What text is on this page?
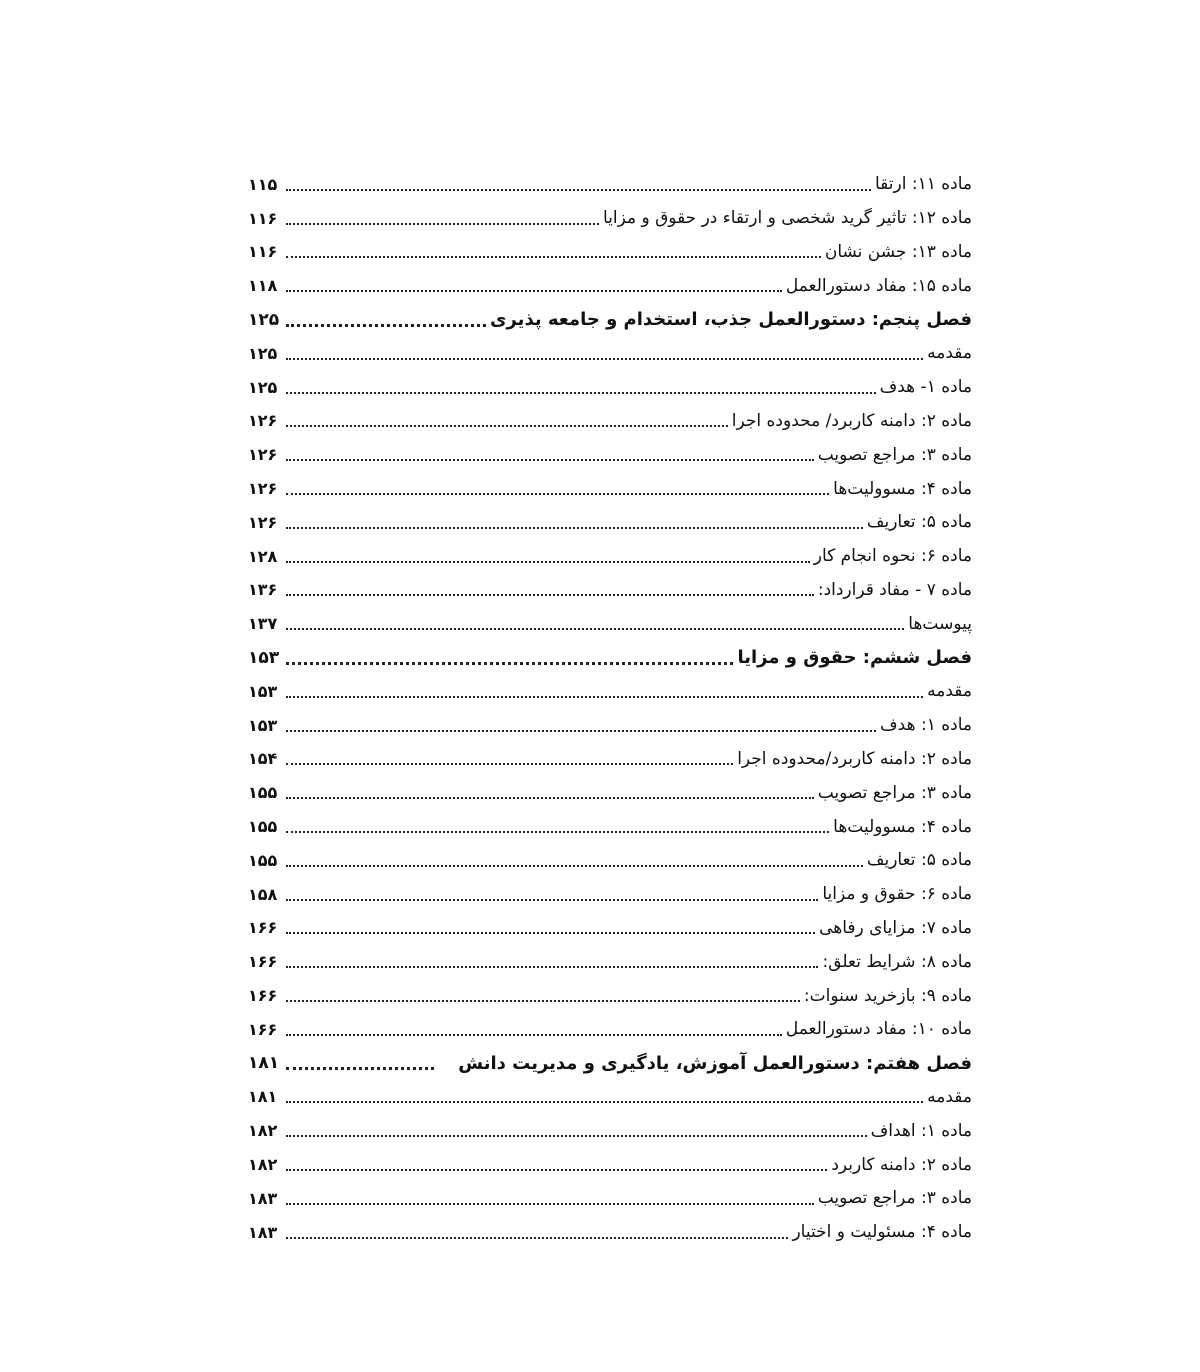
ماده ۱۱: ارتقا
۱۱۵
ماده ۱۲: تاثیر گرید شخصی و ارتقاء در حقوق و مزایا
۱۱۶
ماده ۱۳: جشن نشان
۱۱۶
ماده ۱۵: مفاد دستورالعمل
۱۱۸
فصل پنجم: دستورالعمل جذب، استخدام و جامعه پذیری
۱۲۵
مقدمه
۱۲۵
ماده ۱- هدف
۱۲۵
ماده ۲: دامنه کاربرد/ محدوده اجرا
۱۲۶
ماده ۳: مراجع تصویب
۱۲۶
ماده ۴: مسوولیت‌ها
۱۲۶
ماده ۵: تعاریف
۱۲۶
ماده ۶: نحوه انجام کار
۱۲۸
ماده ۷ - مفاد قرارداد:
۱۳۶
پیوست‌ها
۱۳۷
فصل ششم: حقوق و مزایا
۱۵۳
مقدمه
۱۵۳
ماده ۱: هدف
۱۵۳
ماده ۲: دامنه کاربرد/محدوده اجرا
۱۵۴
ماده ۳: مراجع تصویب
۱۵۵
ماده ۴: مسوولیت‌ها
۱۵۵
ماده ۵: تعاریف
۱۵۵
ماده ۶: حقوق و مزایا
۱۵۸
ماده ۷: مزایای رفاهی
۱۶۶
ماده ۸: شرایط تعلق:
۱۶۶
ماده ۹: بازخرید سنوات:
۱۶۶
ماده ۱۰: مفاد دستورالعمل
۱۶۶
فصل هفتم: دستورالعمل آموزش، یادگیری و مدیریت دانش
۱۸۱
مقدمه
۱۸۱
ماده ۱: اهداف
۱۸۲
ماده ۲: دامنه کاربرد
۱۸۲
ماده ۳: مراجع تصویب
۱۸۳
ماده ۴: مسئولیت و اختیار
۱۸۳
